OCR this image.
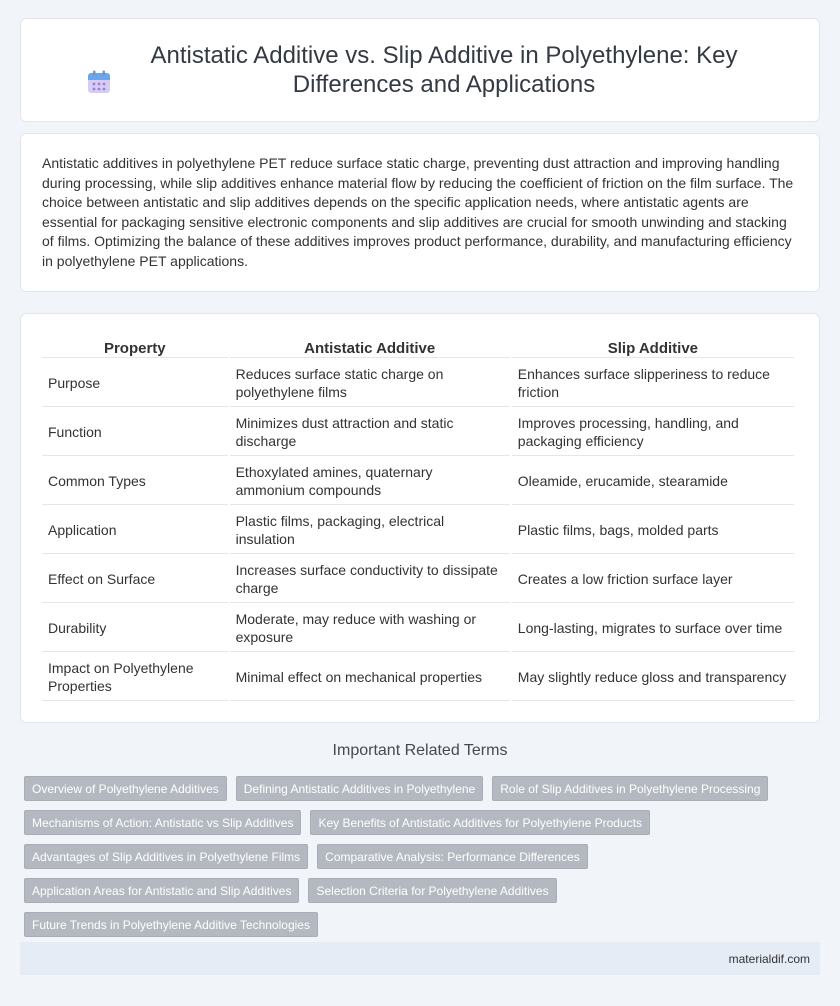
Antistatic Additive vs. Slip Additive in Polyethylene: Key Differences and Applications

Antistatic additives in polyethylene PET reduce surface static charge, preventing dust attraction and improving handling during processing, while slip additives enhance material flow by reducing the coefficient of friction on the film surface. The choice between antistatic and slip additives depends on the specific application needs, where antistatic agents are essential for packaging sensitive electronic components and slip additives are crucial for smooth unwinding and stacking of films. Optimizing the balance of these additives improves product performance, durability, and manufacturing efficiency in polyethylene PET applications.

Property	Antistatic Additive	Slip Additive
Purpose	Reduces surface static charge on polyethylene films	Enhances surface slipperiness to reduce friction
Function	Minimizes dust attraction and static discharge	Improves processing, handling, and packaging efficiency
Common Types	Ethoxylated amines, quaternary ammonium compounds	Oleamide, erucamide, stearamide
Application	Plastic films, packaging, electrical insulation	Plastic films, bags, molded parts
Effect on Surface	Increases surface conductivity to dissipate charge	Creates a low friction surface layer
Durability	Moderate, may reduce with washing or exposure	Long-lasting, migrates to surface over time
Impact on Polyethylene Properties	Minimal effect on mechanical properties	May slightly reduce gloss and transparency
Important Related Terms
Overview of Polyethylene Additives	Defining Antistatic Additives in Polyethylene	Role of Slip Additives in Polyethylene Processing
Mechanisms of Action: Antistatic vs Slip Additives	Key Benefits of Antistatic Additives for Polyethylene Products
Advantages of Slip Additives in Polyethylene Films	Comparative Analysis: Performance Differences
Application Areas for Antistatic and Slip Additives	Selection Criteria for Polyethylene Additives
Future Trends in Polyethylene Additive Technologies
materialdif.com
